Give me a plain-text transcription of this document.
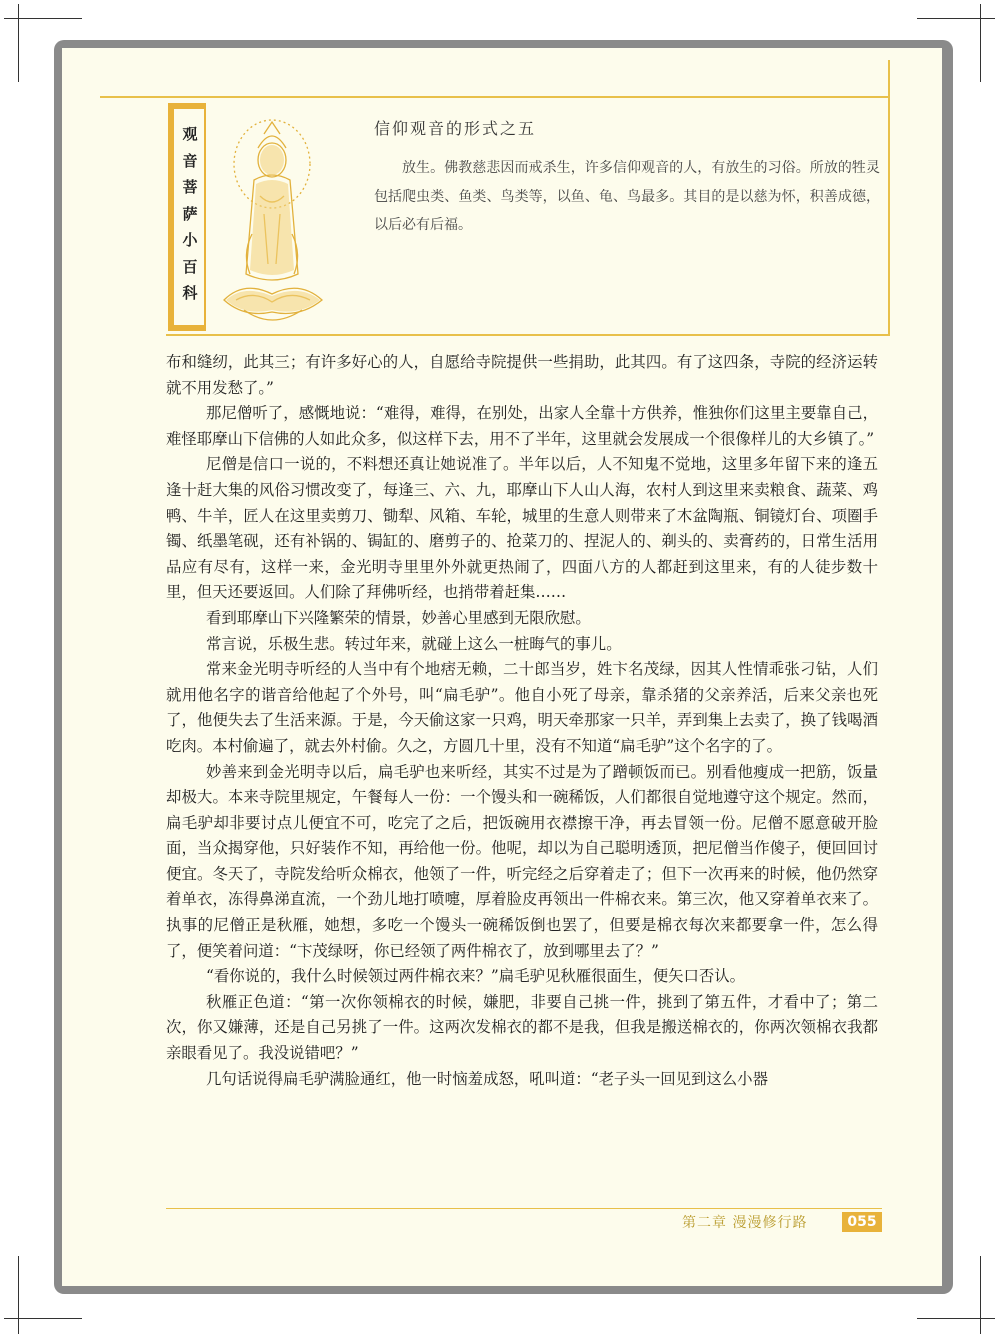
观
音
菩
萨
小
百
科
信仰观音的形式之五
放生。佛教慈悲因而戒杀生，许多信仰观音的人，有放生的习俗。所放的牲灵包括爬虫类、鱼类、鸟类等，以鱼、龟、鸟最多。其目的是以慈为怀，积善成德，以后必有后福。

布和缝纫，此其三；有许多好心的人，自愿给寺院提供一些捐助，此其四。有了这四条，寺院的经济运转就不用发愁了。”

那尼僧听了，感慨地说：“难得，难得，在别处，出家人全靠十方供养，惟独你们这里主要靠自己，难怪耶摩山下信佛的人如此众多，似这样下去，用不了半年，这里就会发展成一个很像样儿的大乡镇了。”

尼僧是信口一说的，不料想还真让她说准了。半年以后，人不知鬼不觉地，这里多年留下来的逢五逢十赶大集的风俗习惯改变了，每逢三、六、九，耶摩山下人山人海，农村人到这里来卖粮食、蔬菜、鸡鸭、牛羊，匠人在这里卖剪刀、锄犁、风箱、车轮，城里的生意人则带来了木盆陶瓶、铜镜灯台、项圈手镯、纸墨笔砚，还有补锅的、锔缸的、磨剪子的、抢菜刀的、捏泥人的、剃头的、卖膏药的，日常生活用品应有尽有，这样一来，金光明寺里里外外就更热闹了，四面八方的人都赶到这里来，有的人徒步数十里，但天还要返回。人们除了拜佛听经，也捎带着赶集……

看到耶摩山下兴隆繁荣的情景，妙善心里感到无限欣慰。

常言说，乐极生悲。转过年来，就碰上这么一桩晦气的事儿。

常来金光明寺听经的人当中有个地痞无赖，二十郎当岁，姓卞名茂绿，因其人性情乖张刁钻，人们就用他名字的谐音给他起了个外号，叫“扁毛驴”。他自小死了母亲，靠杀猪的父亲养活，后来父亲也死了，他便失去了生活来源。于是，今天偷这家一只鸡，明天牵那家一只羊，弄到集上去卖了，换了钱喝酒吃肉。本村偷遍了，就去外村偷。久之，方圆几十里，没有不知道“扁毛驴”这个名字的了。

妙善来到金光明寺以后，扁毛驴也来听经，其实不过是为了蹭顿饭而已。别看他瘦成一把筋，饭量却极大。本来寺院里规定，午餐每人一份：一个馒头和一碗稀饭，人们都很自觉地遵守这个规定。然而，扁毛驴却非要讨点儿便宜不可，吃完了之后，把饭碗用衣襟擦干净，再去冒领一份。尼僧不愿意破开脸面，当众揭穿他，只好装作不知，再给他一份。他呢，却以为自己聪明透顶，把尼僧当作傻子，便回回讨便宜。冬天了，寺院发给听众棉衣，他领了一件，听完经之后穿着走了；但下一次再来的时候，他仍然穿着单衣，冻得鼻涕直流，一个劲儿地打喷嚏，厚着脸皮再领出一件棉衣来。第三次，他又穿着单衣来了。执事的尼僧正是秋雁，她想，多吃一个馒头一碗稀饭倒也罢了，但要是棉衣每次来都要拿一件，怎么得了，便笑着问道：“卞茂绿呀，你已经领了两件棉衣了，放到哪里去了？”

“看你说的，我什么时候领过两件棉衣来？”扁毛驴见秋雁很面生，便矢口否认。

秋雁正色道：“第一次你领棉衣的时候，嫌肥，非要自己挑一件，挑到了第五件，才看中了；第二次，你又嫌薄，还是自己另挑了一件。这两次发棉衣的都不是我，但我是搬送棉衣的，你两次领棉衣我都亲眼看见了。我没说错吧？”

几句话说得扁毛驴满脸通红，他一时恼羞成怒，吼叫道：“老子头一回见到这么小器

第二章 漫漫修行路	055
